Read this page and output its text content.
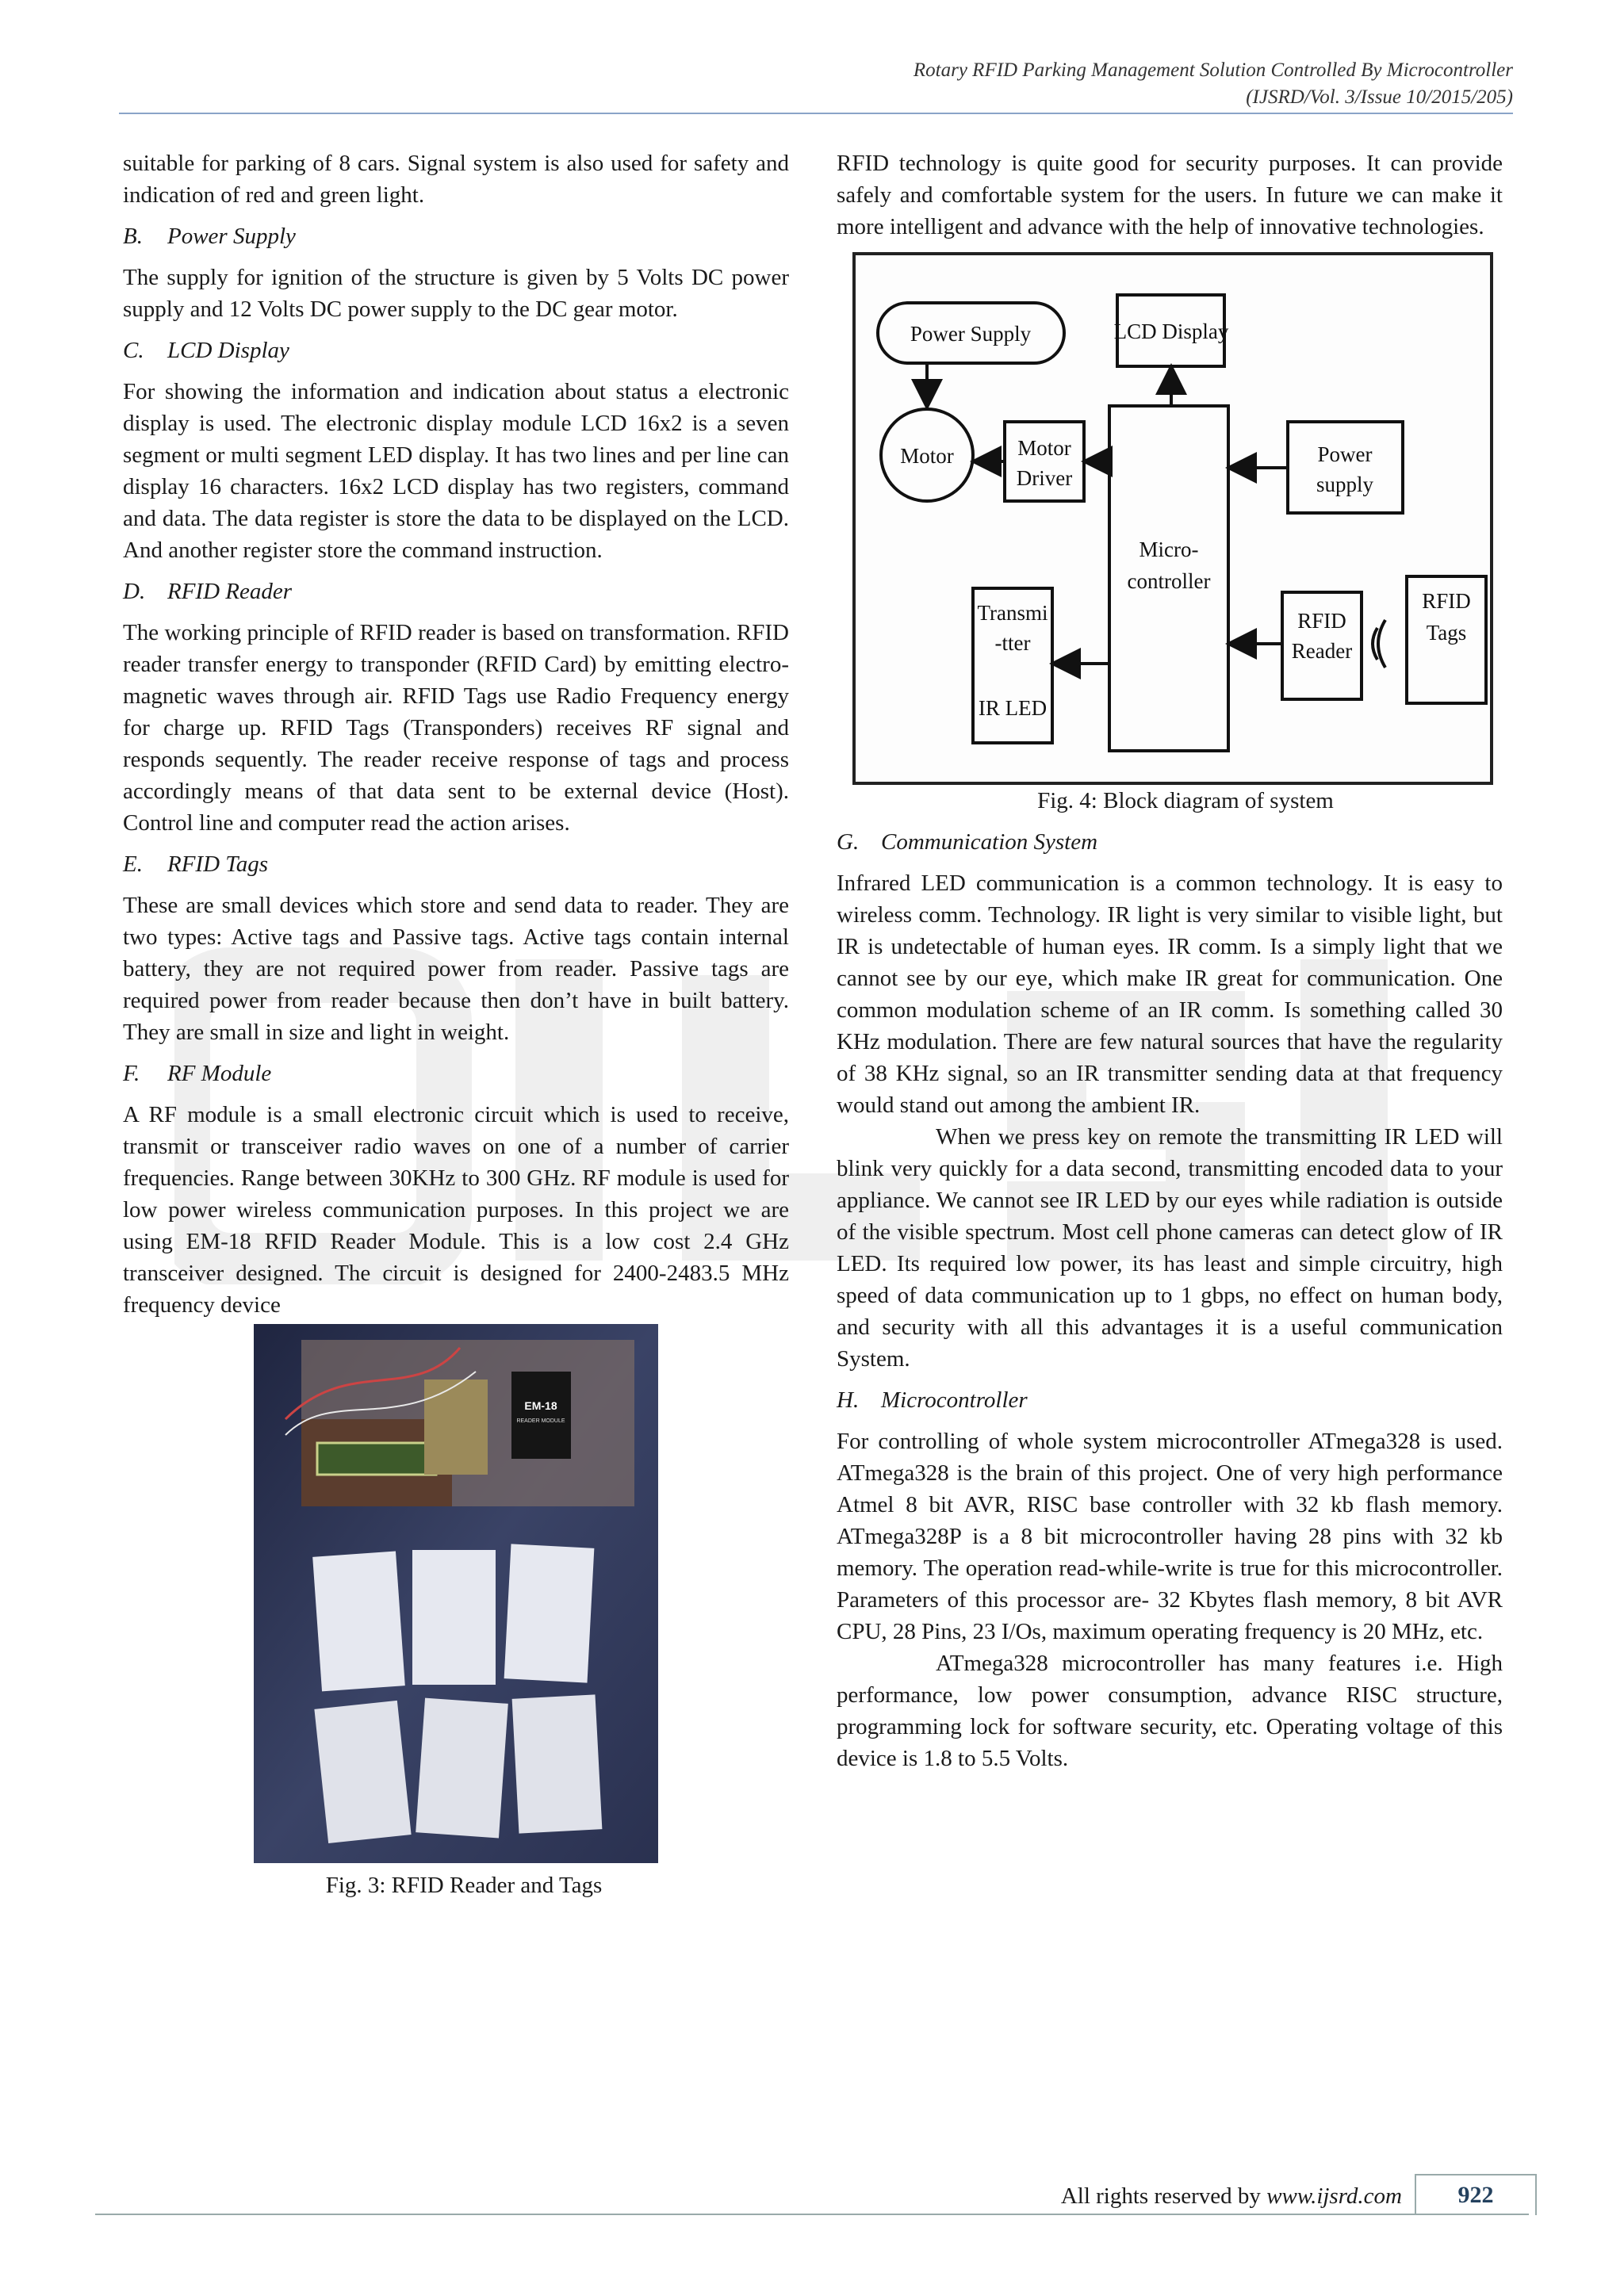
Rotary RFID Parking Management Solution Controlled By Microcontroller
(IJSRD/Vol. 3/Issue 10/2015/205)

suitable for parking of 8 cars. Signal system is also used for safety and indication of red and green light.

B. Power Supply

The supply for ignition of the structure is given by 5 Volts DC power supply and 12 Volts DC power supply to the DC gear motor.

C. LCD Display

For showing the information and indication about status a electronic display is used. The electronic display module LCD 16x2 is a seven segment or multi segment LED display. It has two lines and per line can display 16 characters. 16x2 LCD display has two registers, command and data. The data register is store the data to be displayed on the LCD. And another register store the command instruction.

D. RFID Reader

The working principle of RFID reader is based on transformation. RFID reader transfer energy to transponder (RFID Card) by emitting electro-magnetic waves through air. RFID Tags use Radio Frequency energy for charge up. RFID Tags (Transponders) receives RF signal and responds sequently. The reader receive response of tags and process accordingly means of that data sent to be external device (Host). Control line and computer read the action arises.

E. RFID Tags

These are small devices which store and send data to reader. They are two types: Active tags and Passive tags. Active tags contain internal battery, they are not required power from reader. Passive tags are required power from reader because then don’t have in built battery. They are small in size and light in weight.

F. RF Module

A RF module is a small electronic circuit which is used to receive, transmit or transceiver radio waves on one of a number of carrier frequencies. Range between 30KHz to 300 GHz. RF module is used for low power wireless communication purposes. In this project we are using EM-18 RFID Reader Module. This is a low cost 2.4 GHz transceiver designed. The circuit is designed for 2400-2483.5 MHz frequency device

EM-18
READER MODULE
Fig. 3: RFID Reader and Tags

RFID technology is quite good for security purposes. It can provide safely and comfortable system for the users. In future we can make it more intelligent and advance with the help of innovative technologies.

Power Supply	LCD Display
Motor	Motor
Driver
Micro-
controller
Power
supply
Transmi
-tter
IR LED
RFID
Reader
RFID
Tags
Fig. 4: Block diagram of system
G. Communication System

Infrared LED communication is a common technology. It is easy to wireless comm. Technology. IR light is very similar to visible light, but IR is undetectable of human eyes. IR comm. Is a simply light that we cannot see by our eye, which make IR great for communication. One common modulation scheme of an IR comm. Is something called 30 KHz modulation. There are few natural sources that have the regularity of 38 KHz signal, so an IR transmitter sending data at that frequency would stand out among the ambient IR.

When we press key on remote the transmitting IR LED will blink very quickly for a data second, transmitting encoded data to your appliance. We cannot see IR LED by our eyes while radiation is outside of the visible spectrum. Most cell phone cameras can detect glow of IR LED. Its required low power, its has least and simple circuitry, high speed of data communication up to 1 gbps, no effect on human body, and security with all this advantages it is a useful communication System.

H. Microcontroller

For controlling of whole system microcontroller ATmega328 is used. ATmega328 is the brain of this project. One of very high performance Atmel 8 bit AVR, RISC base controller with 32 kb flash memory. ATmega328P is a 8 bit microcontroller having 28 pins with 32 kb memory. The operation read-while-write is true for this microcontroller. Parameters of this processor are- 32 Kbytes flash memory, 8 bit AVR CPU, 28 Pins, 23 I/Os, maximum operating frequency is 20 MHz, etc.

ATmega328 microcontroller has many features i.e. High performance, low power consumption, advance RISC structure, programming lock for software security, etc. Operating voltage of this device is 1.8 to 5.5 Volts.

All rights reserved by www.ijsrd.com	922
